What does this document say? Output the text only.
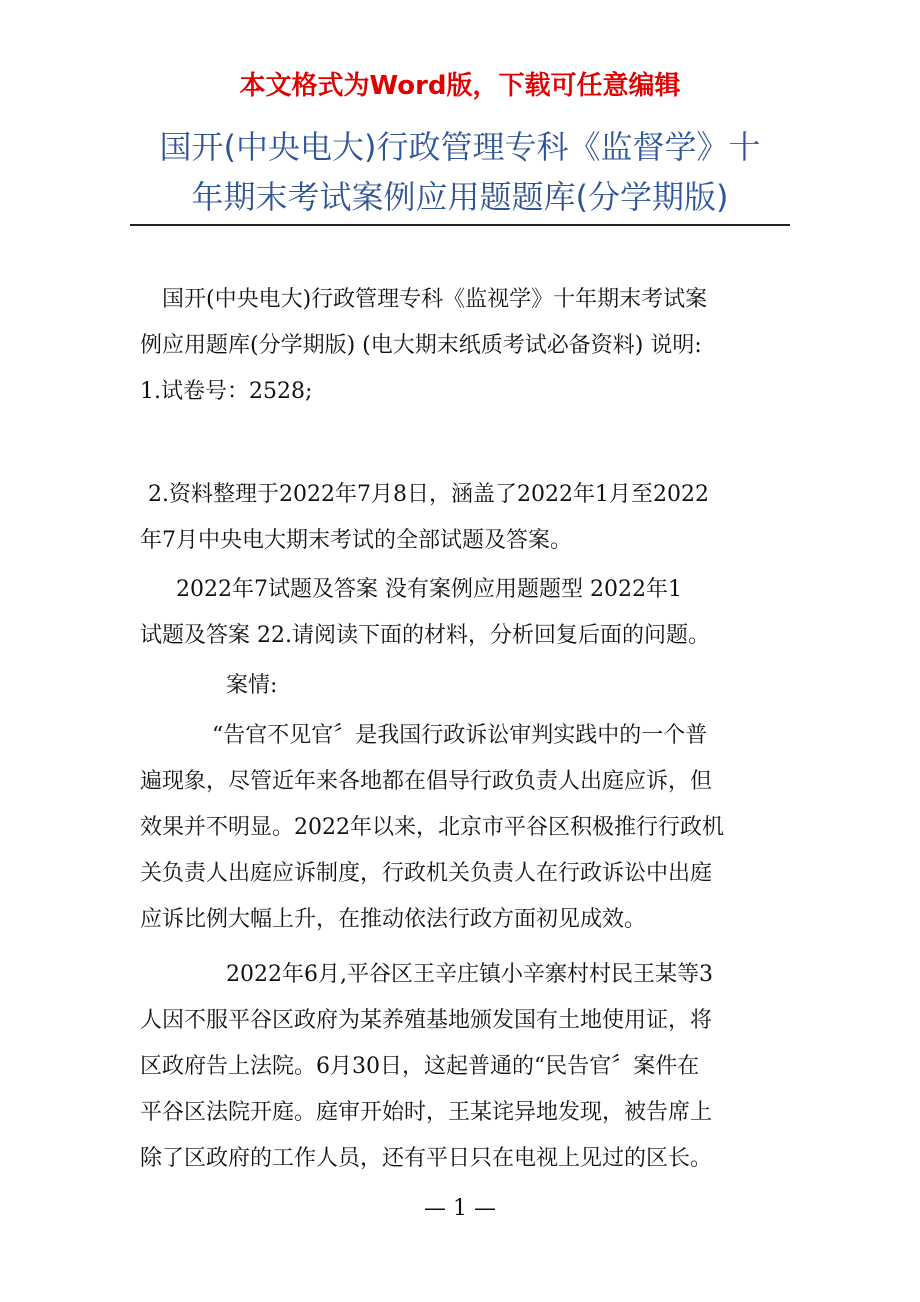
本文格式为Word版，下载可任意编辑
国开(中央电大)行政管理专科《监督学》十
年期末考试案例应用题题库(分学期版)
国开(中央电大)行政管理专科《监视学》十年期末考试案
例应用题库(分学期版) (电大期末纸质考试必备资料) 说明:
1.试卷号：2528;
2.资料整理于2022年7月8日，涵盖了2022年1月至2022
年7月中央电大期末考试的全部试题及答案。
2022年7试题及答案 没有案例应用题题型 2022年1
试题及答案 22.请阅读下面的材料，分析回复后面的问题。
案情:
“告官不见官〞是我国行政诉讼审判实践中的一个普
遍现象，尽管近年来各地都在倡导行政负责人出庭应诉，但
效果并不明显。2022年以来，北京市平谷区积极推行行政机
关负责人出庭应诉制度，行政机关负责人在行政诉讼中出庭
应诉比例大幅上升，在推动依法行政方面初见成效。
2022年6月,平谷区王辛庄镇小辛寨村村民王某等3
人因不服平谷区政府为某养殖基地颁发国有土地使用证，将
区政府告上法院。6月30日，这起普通的“民告官〞案件在
平谷区法院开庭。庭审开始时，王某诧异地发现，被告席上
除了区政府的工作人员，还有平日只在电视上见过的区长。
— 1 —
